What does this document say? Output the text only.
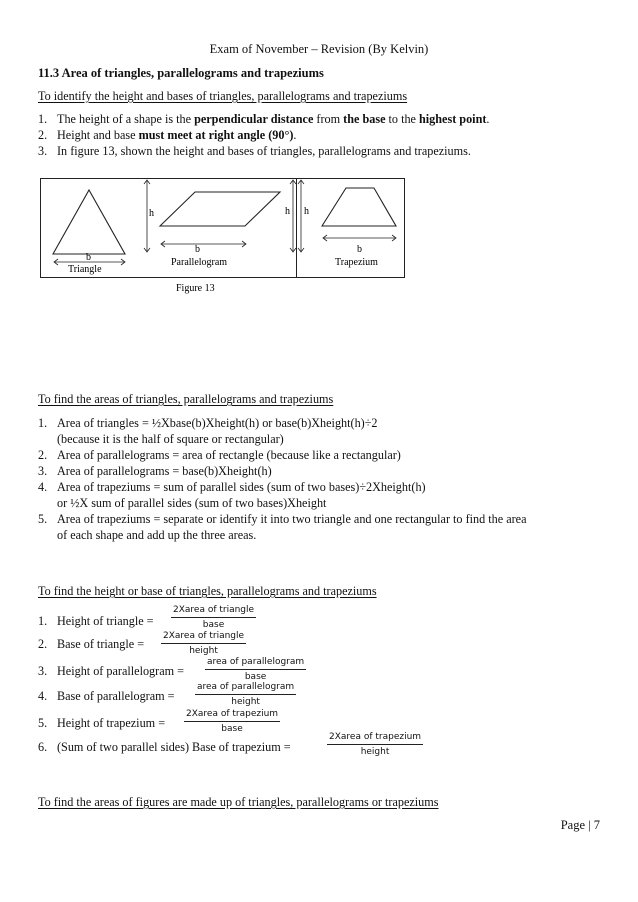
Exam of November – Revision (By Kelvin)
11.3 Area of triangles, parallelograms and trapeziums
To identify the height and bases of triangles, parallelograms and trapeziums
1. The height of a shape is the perpendicular distance from the base to the highest point.
2. Height and base must meet at right angle (90°).
3. In figure 13, shown the height and bases of triangles, parallelograms and trapeziums.
h
b
Triangle
b
Parallelogram
h h
b
Trapezium
Figure 13
To find the areas of triangles, parallelograms and trapeziums
1. Area of triangles = ½Xbase(b)Xheight(h) or base(b)Xheight(h)÷2
(because it is the half of square or rectangular)
2. Area of parallelograms = area of rectangle (because like a rectangular)
3. Area of parallelograms = base(b)Xheight(h)
4. Area of trapeziums = sum of parallel sides (sum of two bases)÷2Xheight(h)
or ½X sum of parallel sides (sum of two bases)Xheight
5. Area of trapeziums = separate or identify it into two triangle and one rectangular to find the area
of each shape and add up the three areas.
To find the height or base of triangles, parallelograms and trapeziums
1. Height of triangle =
2Xarea of triangle
base
2. Base of triangle =
2Xarea of triangle
height
3. Height of parallelogram =
area of parallelogram
base
4. Base of parallelogram =
area of parallelogram
height
5. Height of trapezium =
2Xarea of trapezium
base
6. (Sum of two parallel sides) Base of trapezium =
2Xarea of trapezium
height
To find the areas of figures are made up of triangles, parallelograms or trapeziums
Page | 7
